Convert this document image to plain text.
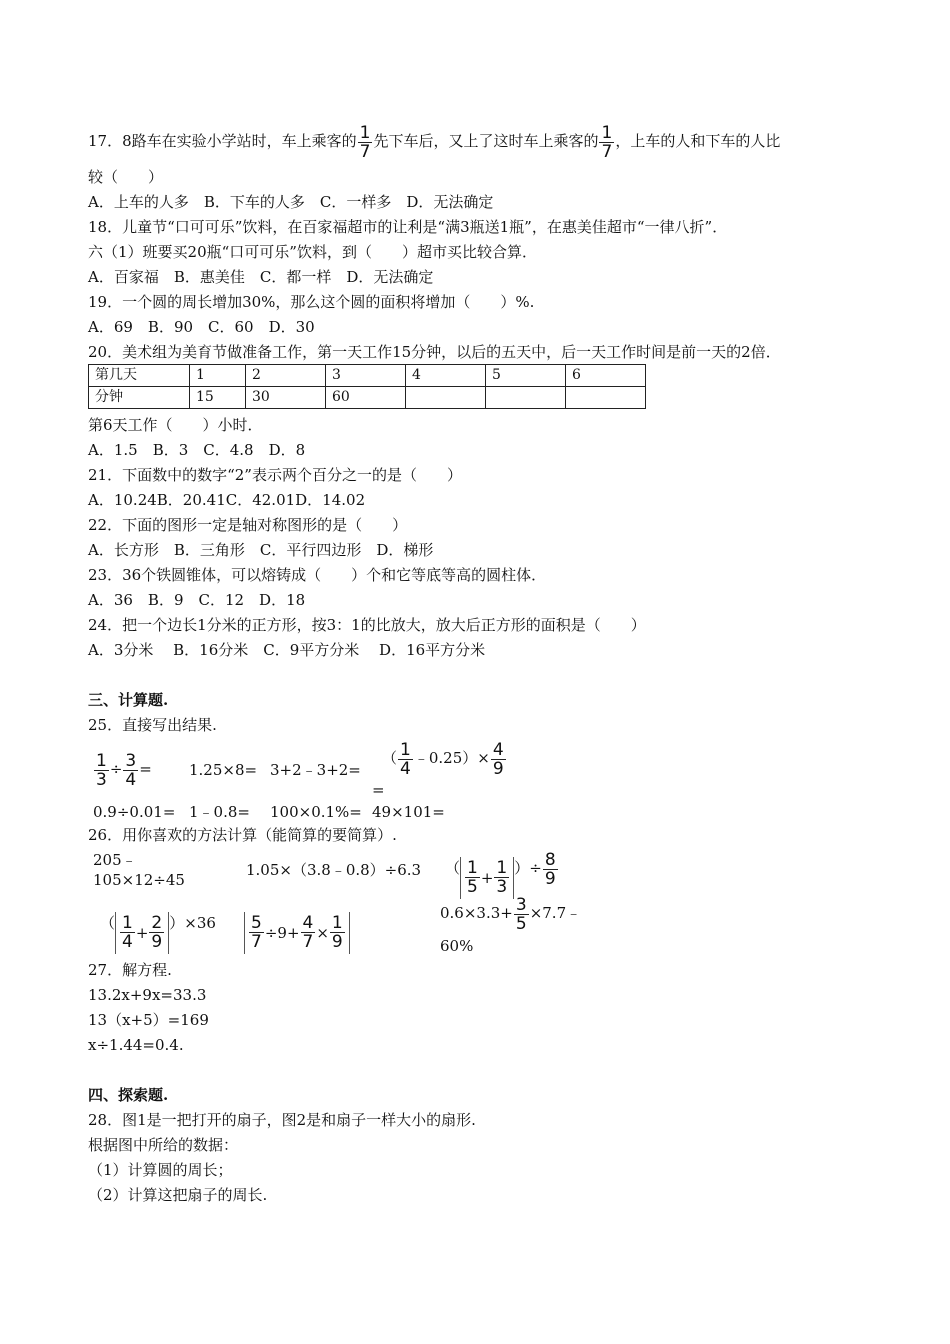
17．8路车在实验小学站时，车上乘客的 $\frac{1}{7}$ 先下车后，又上了这时车上乘客的 $\frac{1}{7}$ ，上车的人和下车的人比
较（　　）
A．上车的人多　B．下车的人多　C．一样多　D．无法确定
18．儿童节“口可可乐”饮料，在百家福超市的让利是“满3瓶送1瓶”，在惠美佳超市“一律八折”．
六（1）班要买20瓶“口可可乐”饮料，到（　　）超市买比较合算．
A．百家福　B．惠美佳　C．都一样　D．无法确定
19．一个圆的周长增加30%，那么这个圆的面积将增加（　　）%.
A．69　B．90　C．60　D．30
20．美术组为美育节做准备工作，第一天工作15分钟，以后的五天中，后一天工作时间是前一天的2倍．
第几天	1	2	3	4	5	6
分钟	15	30	60			
第6天工作（　　）小时．
A．1.5　B．3　C．4.8　D．8
21．下面数中的数字“2”表示两个百分之一的是（　　）
A．10.24B．20.41C．42.01D．14.02
22．下面的图形一定是轴对称图形的是（　　）
A．长方形　B．三角形　C．平行四边形　D．梯形
23．36个铁圆锥体，可以熔铸成（　　）个和它等底等高的圆柱体．
A．36　B．9　C．12　D．18
24．把一个边长1分米的正方形，按3：1的比放大，放大后正方形的面积是（　　）
A．3分米　 B．16分米　C．9平方分米　 D．16平方分米
三、计算题.
25．直接写出结果.
$\frac{1}{3} \div \frac{3}{4} = 1.25\times 8=$ 3+2﹣3+2=
（ $\frac{1}{4}$ ﹣0.25）× $\frac{4}{9}$
=
0.9÷0.01= 1﹣0.8= 100×0.1%= 49×101=
26．用你喜欢的方法计算（能简算的要简算）.
205﹣
105×12÷45
1.05×（3.8﹣0.8）÷6.3 （ $\frac{1}{5} + \frac{1}{3}$ ）÷ $\frac{8}{9}$
（ $\frac{1}{4} + \frac{2}{9} )\times 36 \frac{5}{7} \div 9+ \frac{4}{7} \times \frac{1}{9}$
$0.6\times 3.3+ \frac{3}{5}$ ×7.7﹣
60%
27．解方程.
13.2x+9x=33.3
13（x+5）=169
x÷1.44=0.4.
四、探索题.
28．图1是一把打开的扇子，图2是和扇子一样大小的扇形.
根据图中所给的数据：
（1）计算圆的周长；
（2）计算这把扇子的周长.
